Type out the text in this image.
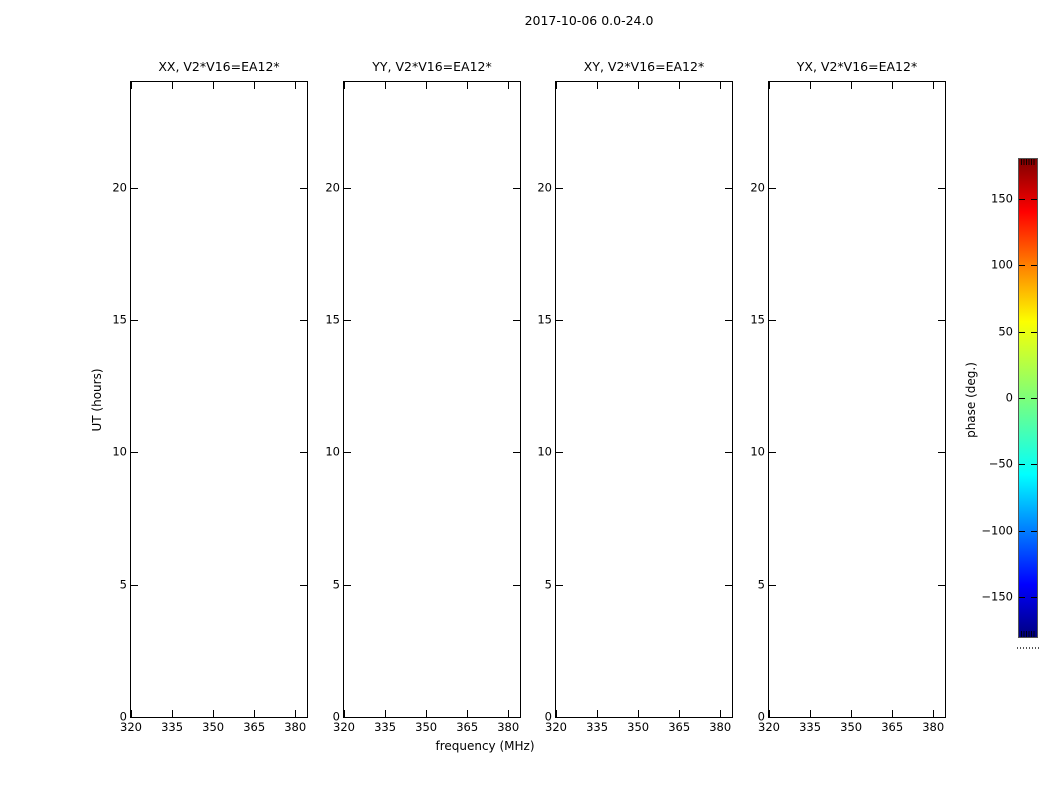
2017-10-06 0.0-24.0
UT (hours)
frequency (MHz)
XX, V2*V16=EA12*
320 335 350 365 380
0
5
10
15
20
YY, V2*V16=EA12*
320 335 350 365 380
0
5
10
15
20
XY, V2*V16=EA12*
320 335 350 365 380
0
5
10
15
20
YX, V2*V16=EA12*
320 335 350 365 380
0
5
10
15
20
150
100
50
0
−50
−100
−150
phase (deg.)
